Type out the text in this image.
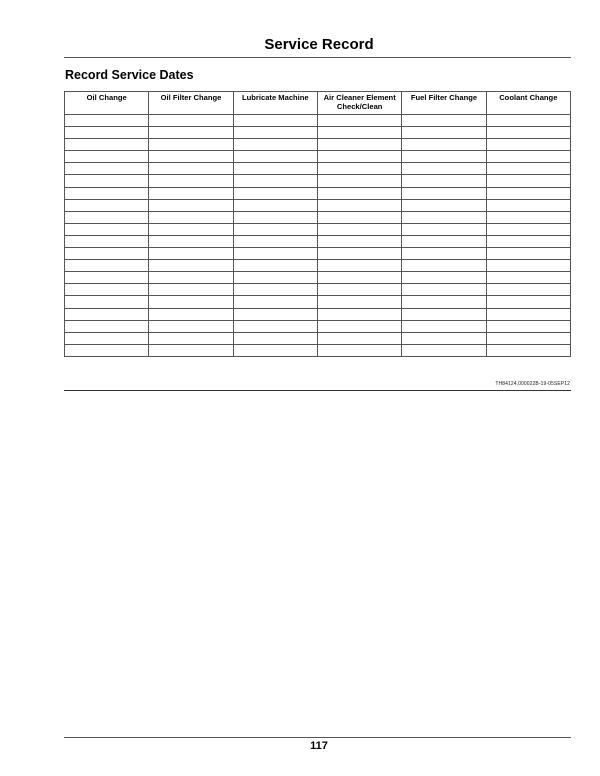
Service Record
Record Service Dates
Oil Change	Oil Filter Change	Lubricate Machine	Air Cleaner Element Check/Clean	Fuel Filter Change	Coolant Change

TH84124,000022B-19-05SEP12
117
